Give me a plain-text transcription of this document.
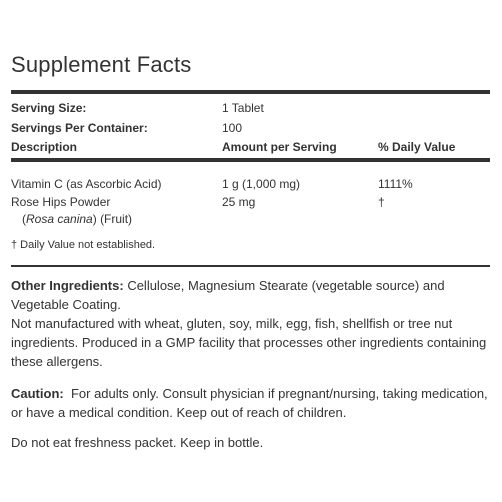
Supplement Facts
Serving Size:	1 Tablet
Servings Per Container:	100
Description	Amount per Serving	% Daily Value
Vitamin C (as Ascorbic Acid)	1 g (1,000 mg)	1111%
Rose Hips Powder	25 mg	†
(Rosa canina) (Fruit)
† Daily Value not established.

Other Ingredients: Cellulose, Magnesium Stearate (vegetable source) and Vegetable Coating.
Not manufactured with wheat, gluten, soy, milk, egg, fish, shellfish or tree nut ingredients. Produced in a GMP facility that processes other ingredients containing these allergens.

Caution: For adults only. Consult physician if pregnant/nursing, taking medication, or have a medical condition. Keep out of reach of children.

Do not eat freshness packet. Keep in bottle.
